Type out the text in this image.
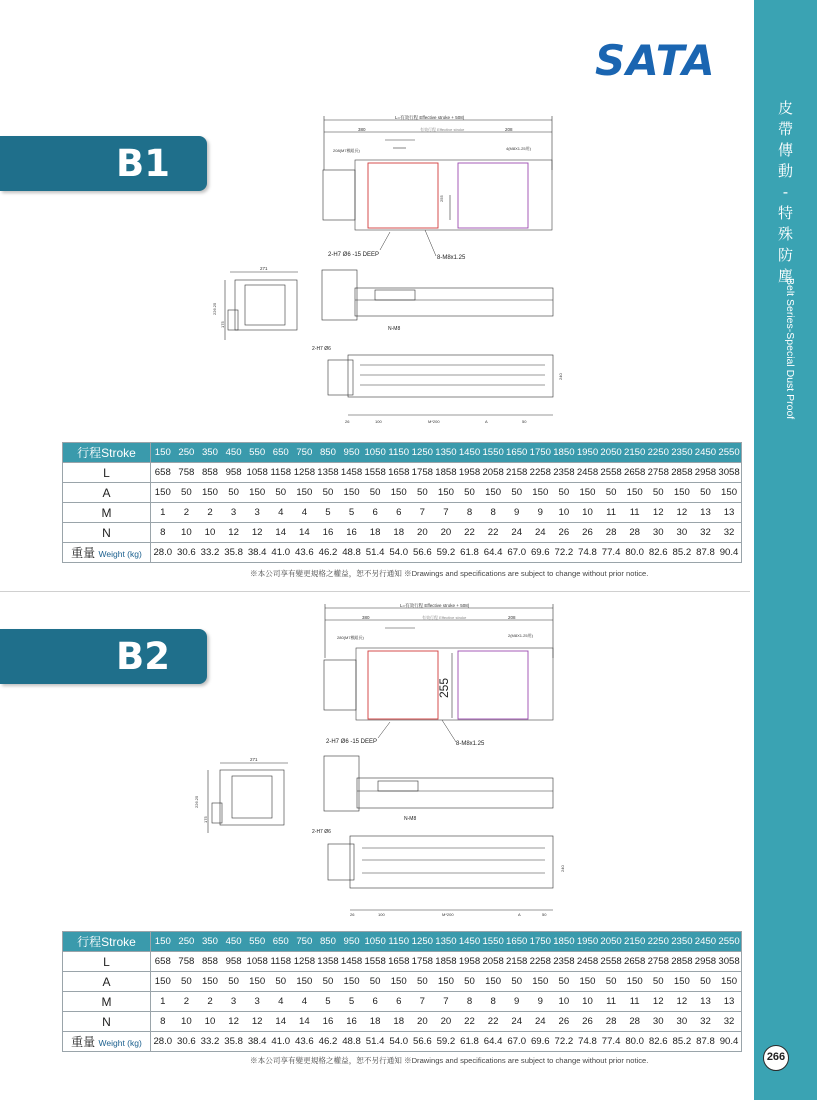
SATA
皮
帶
傳
動
-
特
殊
防
塵
Belt Series-Special Dust Proof
266
B1
L=有效行程 Effective stroke + 508)
380	有效行程 Effective stroke	208
208(M7模組長)	4(M8X1.25用)
255
2-H7 Ø6 -15 DEEP	8-M8x1.25
271
226.25
175
N-M8
2-H7 Ø6
26	100	M*200	A	50
240
行程Stroke	150 250 350 450 550 650 750 850 950 1050 1150 1250 1350 1450 1550 1650 1750 1850 1950 2050 2150 2250 2350 2450 2550
L	658 758 858 958 1058 1158 1258 1358 1458 1558 1658 1758 1858 1958 2058 2158 2258 2358 2458 2558 2658 2758 2858 2958 3058
A	150 50 150 50 150 50 150 50 150 50 150 50 150 50 150 50 150 50 150 50 150 50 150 50 150
M	1 2 2 3 3 4 4 5 5 6 6 7 7 8 8 9 9 10 10 11 11 12 12 13 13
N	8 10 10 12 12 14 14 16 16 18 18 20 20 22 22 24 24 26 26 28 28 30 30 32 32
重量 Weight (kg)	28.0 30.6 33.2 35.8 38.4 41.0 43.6 46.2 48.8 51.4 54.0 56.6 59.2 61.8 64.4 67.0 69.6 72.2 74.8 77.4 80.0 82.6 85.2 87.8 90.4
※本公司享有變更規格之權益，恕不另行通知 ※Drawings and specifications are subject to change without prior notice.
B2
L=有效行程 Effective stroke + 508)
380	有效行程 Effective stroke	208
280(M7模組長)	2(M8X1.25用)
255
2-H7 Ø6 -15 DEEP	8-M8x1.25
271
226.25
175	N-M8
2-H7 Ø6
26	100	M*200	A	50
240
行程Stroke	150 250 350 450 550 650 750 850 950 1050 1150 1250 1350 1450 1550 1650 1750 1850 1950 2050 2150 2250 2350 2450 2550
L	658 758 858 958 1058 1158 1258 1358 1458 1558 1658 1758 1858 1958 2058 2158 2258 2358 2458 2558 2658 2758 2858 2958 3058
A	150 50 150 50 150 50 150 50 150 50 150 50 150 50 150 50 150 50 150 50 150 50 150 50 150
M	1 2 2 3 3 4 4 5 5 6 6 7 7 8 8 9 9 10 10 11 11 12 12 13 13
N	8 10 10 12 12 14 14 16 16 18 18 20 20 22 22 24 24 26 26 28 28 30 30 32 32
重量 Weight (kg)	28.0 30.6 33.2 35.8 38.4 41.0 43.6 46.2 48.8 51.4 54.0 56.6 59.2 61.8 64.4 67.0 69.6 72.2 74.8 77.4 80.0 82.6 85.2 87.8 90.4
※本公司享有變更規格之權益，恕不另行通知 ※Drawings and specifications are subject to change without prior notice.
